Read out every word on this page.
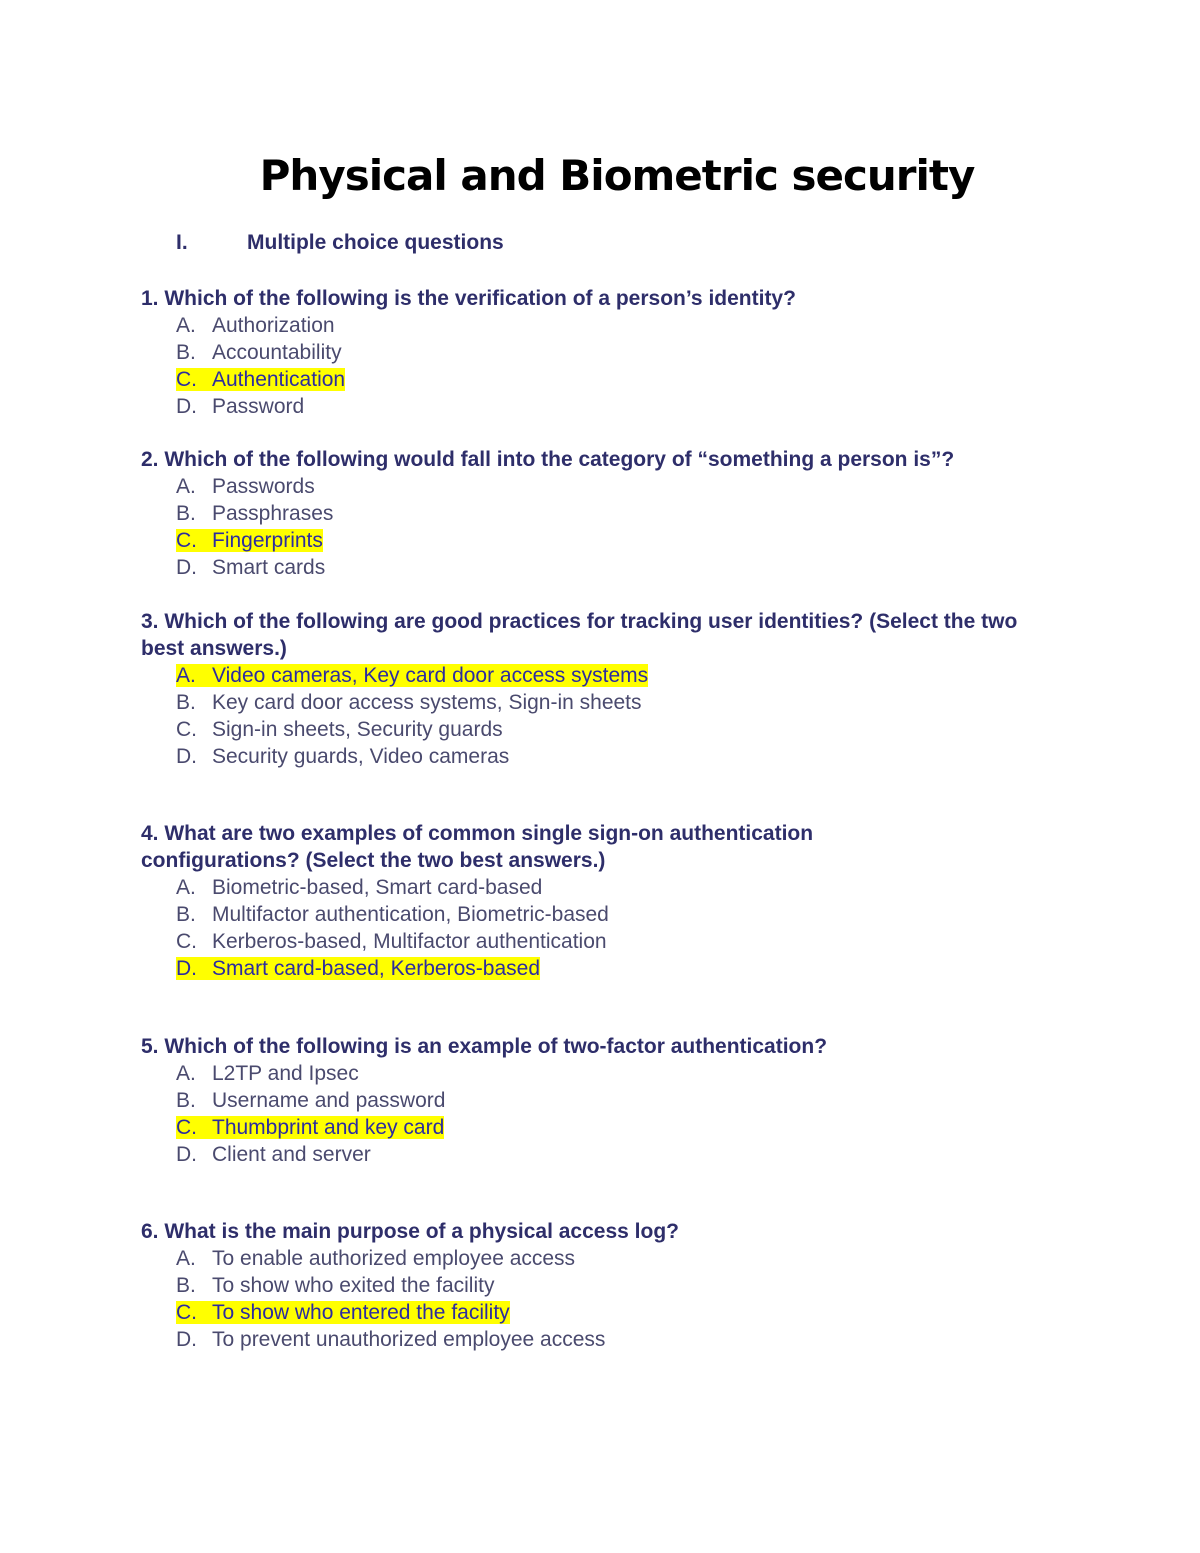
Physical and Biometric security
I.	Multiple choice questions

1. Which of the following is the verification of a person’s identity?

A. Authorization
B. Accountability
C. Authentication
D. Password

2. Which of the following would fall into the category of “something a person is”?

A. Passwords
B. Passphrases
C. Fingerprints
D. Smart cards

3. Which of the following are good practices for tracking user identities? (Select the two best answers.)

A. Video cameras, Key card door access systems
B. Key card door access systems, Sign-in sheets
C. Sign-in sheets, Security guards
D. Security guards, Video cameras

4. What are two examples of common single sign-on authentication configurations? (Select the two best answers.)

A. Biometric-based, Smart card-based
B. Multifactor authentication, Biometric-based
C. Kerberos-based, Multifactor authentication
D. Smart card-based, Kerberos-based

5. Which of the following is an example of two-factor authentication?

A. L2TP and Ipsec
B. Username and password
C. Thumbprint and key card
D. Client and server

6. What is the main purpose of a physical access log?

A. To enable authorized employee access
B. To show who exited the facility
C. To show who entered the facility
D. To prevent unauthorized employee access
